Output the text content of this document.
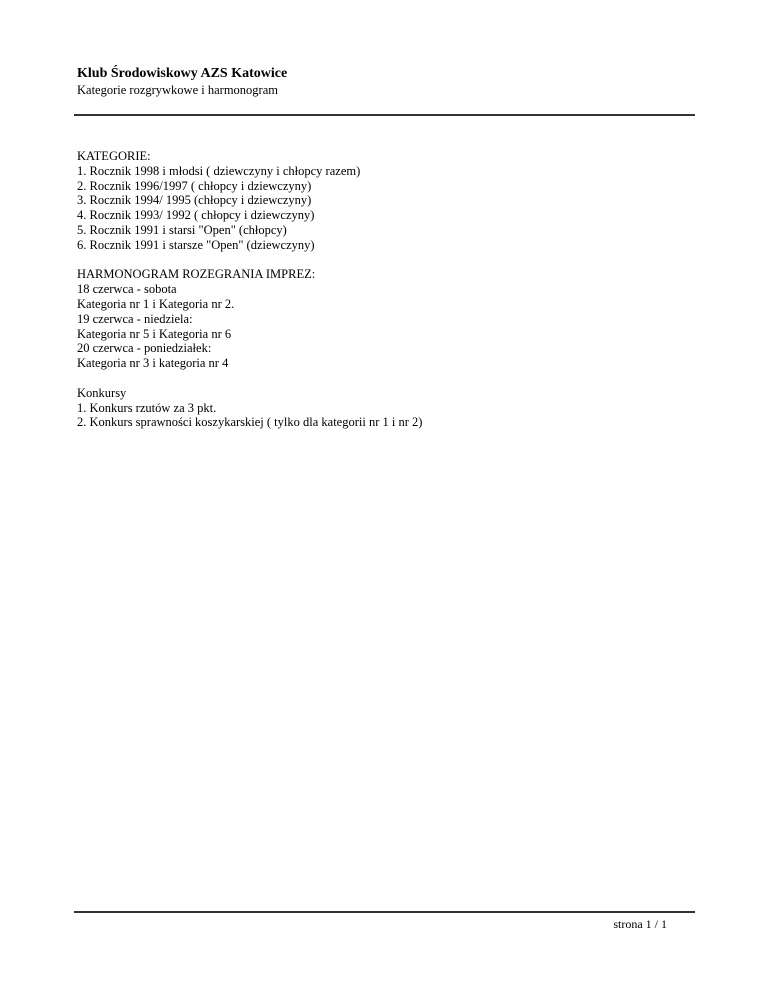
Klub Środowiskowy AZS Katowice

Kategorie rozgrywkowe i harmonogram

KATEGORIE:
1. Rocznik 1998 i młodsi ( dziewczyny i chłopcy razem)
2. Rocznik 1996/1997 ( chłopcy i dziewczyny)
3. Rocznik 1994/ 1995 (chłopcy i dziewczyny)
4. Rocznik 1993/ 1992 ( chłopcy i dziewczyny)
5. Rocznik 1991 i starsi "Open" (chłopcy)
6. Rocznik 1991 i starsze "Open" (dziewczyny)
HARMONOGRAM ROZEGRANIA IMPREZ:
18 czerwca - sobota
Kategoria nr 1 i Kategoria nr 2.
19 czerwca - niedziela:
Kategoria nr 5 i Kategoria nr 6
20 czerwca - poniedziałek:
Kategoria nr 3 i kategoria nr 4
Konkursy
1. Konkurs rzutów za 3 pkt.
2. Konkurs sprawności koszykarskiej ( tylko dla kategorii nr 1 i nr 2)
strona 1 / 1
